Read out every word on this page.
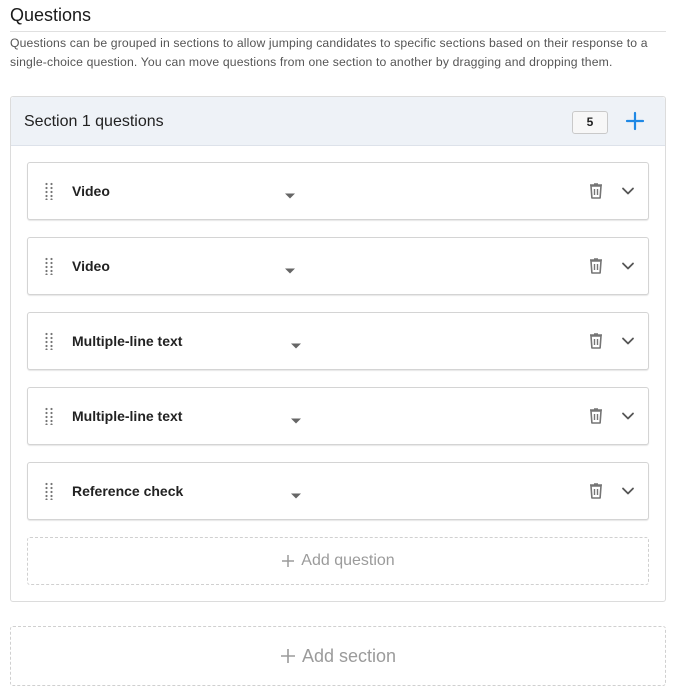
Questions
Questions can be grouped in sections to allow jumping candidates to specific sections based on their response to a single-choice question. You can move questions from one section to another by dragging and dropping them.
Section 1 questions	5
Video
Video
Multiple-line text
Multiple-line text
Reference check
Add question
Add section
